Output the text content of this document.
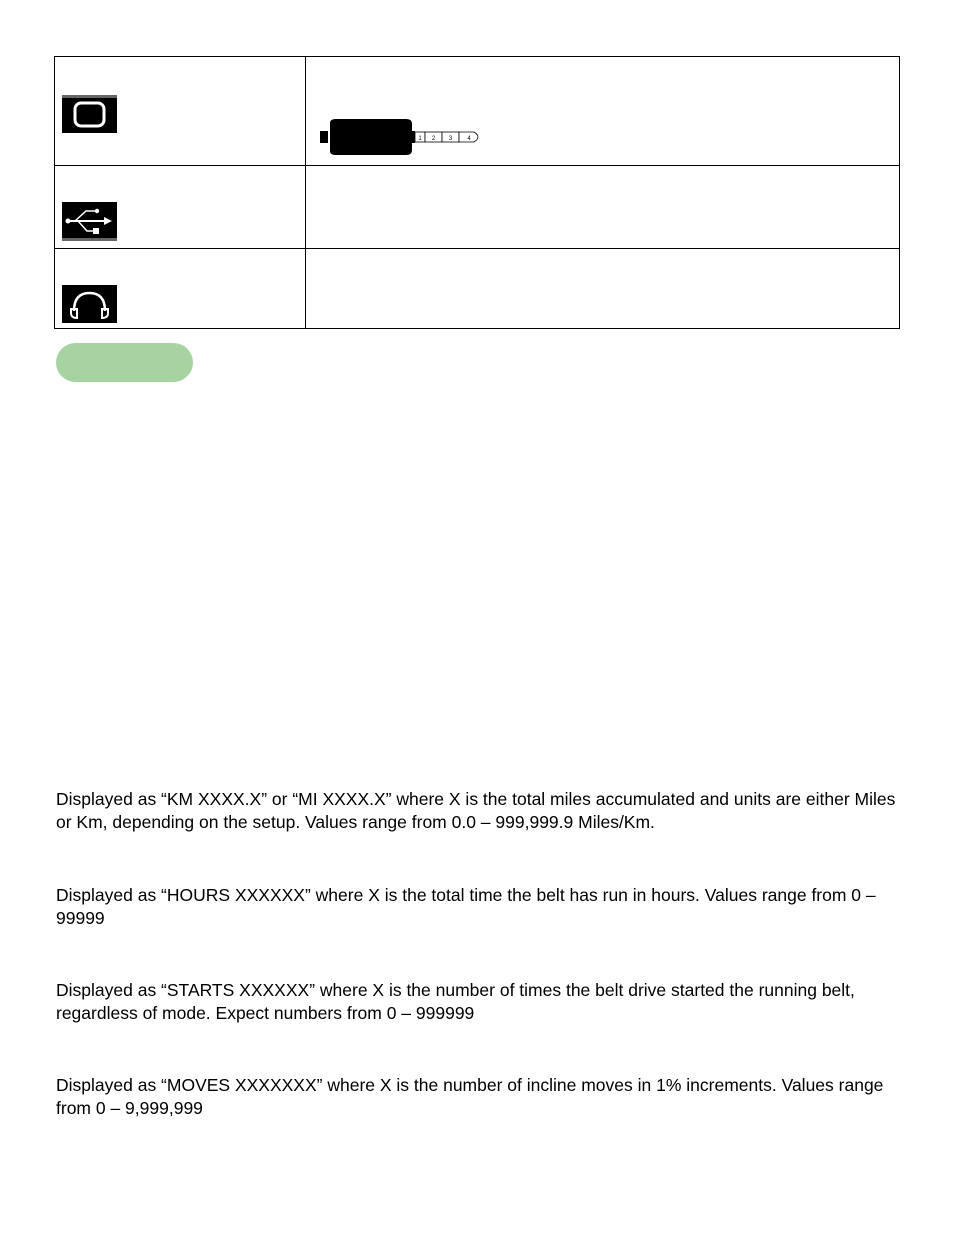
1 2 3 4

Displayed as “KM XXXX.X” or “MI XXXX.X” where X is the total miles accumulated and units are either Miles or Km, depending on the setup. Values range from 0.0 – 999,999.9 Miles/Km.

Displayed as “HOURS XXXXXX” where X is the total time the belt has run in hours. Values range from 0 – 99999

Displayed as “STARTS XXXXXX” where X is the number of times the belt drive started the running belt, regardless of mode. Expect numbers from 0 – 999999

Displayed as “MOVES XXXXXXX” where X is the number of incline moves in 1% increments. Values range from 0 – 9,999,999
